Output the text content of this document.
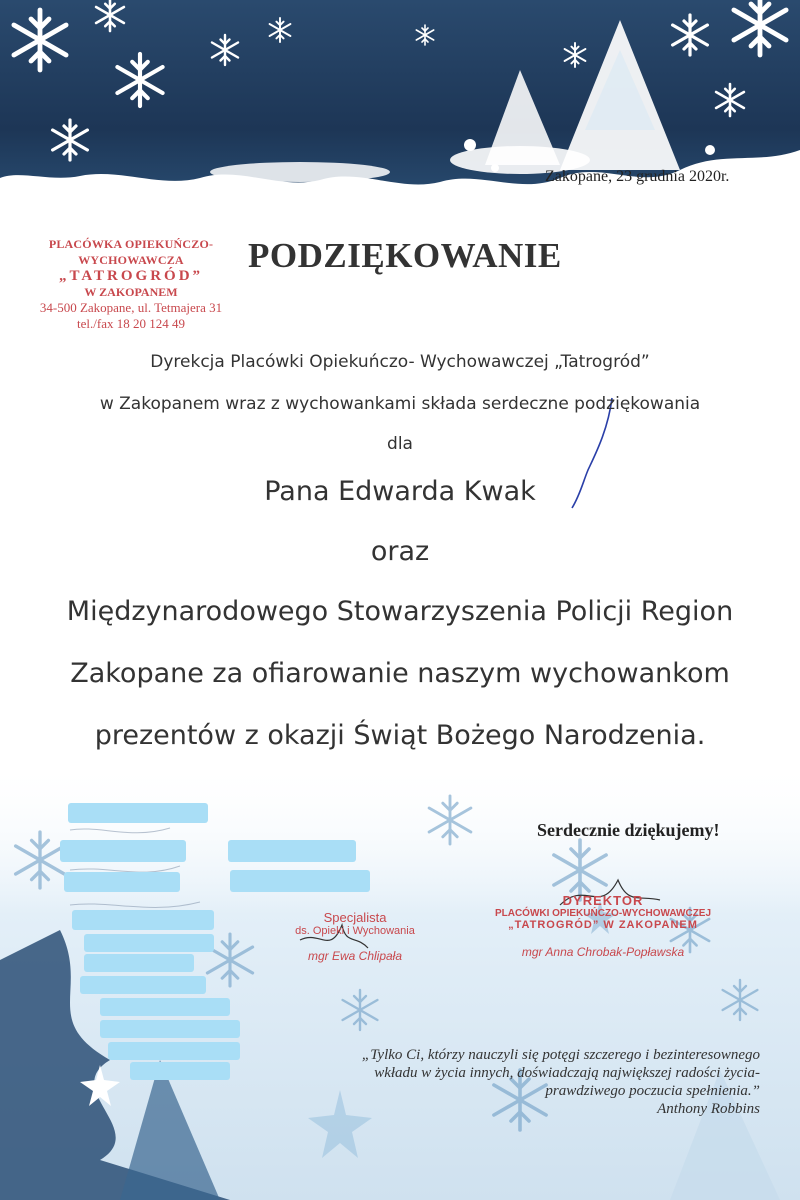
Zakopane, 23 grudnia 2020r.
PLACÓWKA OPIEKUŃCZO-WYCHOWAWCZA
„TATROGRÓD”
W ZAKOPANEM
34-500 Zakopane, ul. Tetmajera 31
tel./fax 18 20 124 49
PODZIĘKOWANIE
Dyrekcja Placówki Opiekuńczo- Wychowawczej „Tatrogród”
w Zakopanem wraz z wychowankami składa serdeczne podziękowania
dla
Pana Edwarda Kwak
oraz
Międzynarodowego Stowarzyszenia Policji Region
Zakopane za ofiarowanie naszym wychowankom
prezentów z okazji Świąt Bożego Narodzenia.
Serdecznie dziękujemy!
Specjalista
ds. Opieki i Wychowania
mgr Ewa Chlipała
DYREKTOR
PLACÓWKI OPIEKUŃCZO-WYCHOWAWCZEJ
„TATROGRÓD” W ZAKOPANEM
mgr Anna Chrobak-Popławska
„Tylko Ci, którzy nauczyli się potęgi szczerego i bezinteresownego
wkładu w życia innych, doświadczają największej radości życia-
prawdziwego poczucia spełnienia.”
Anthony Robbins
